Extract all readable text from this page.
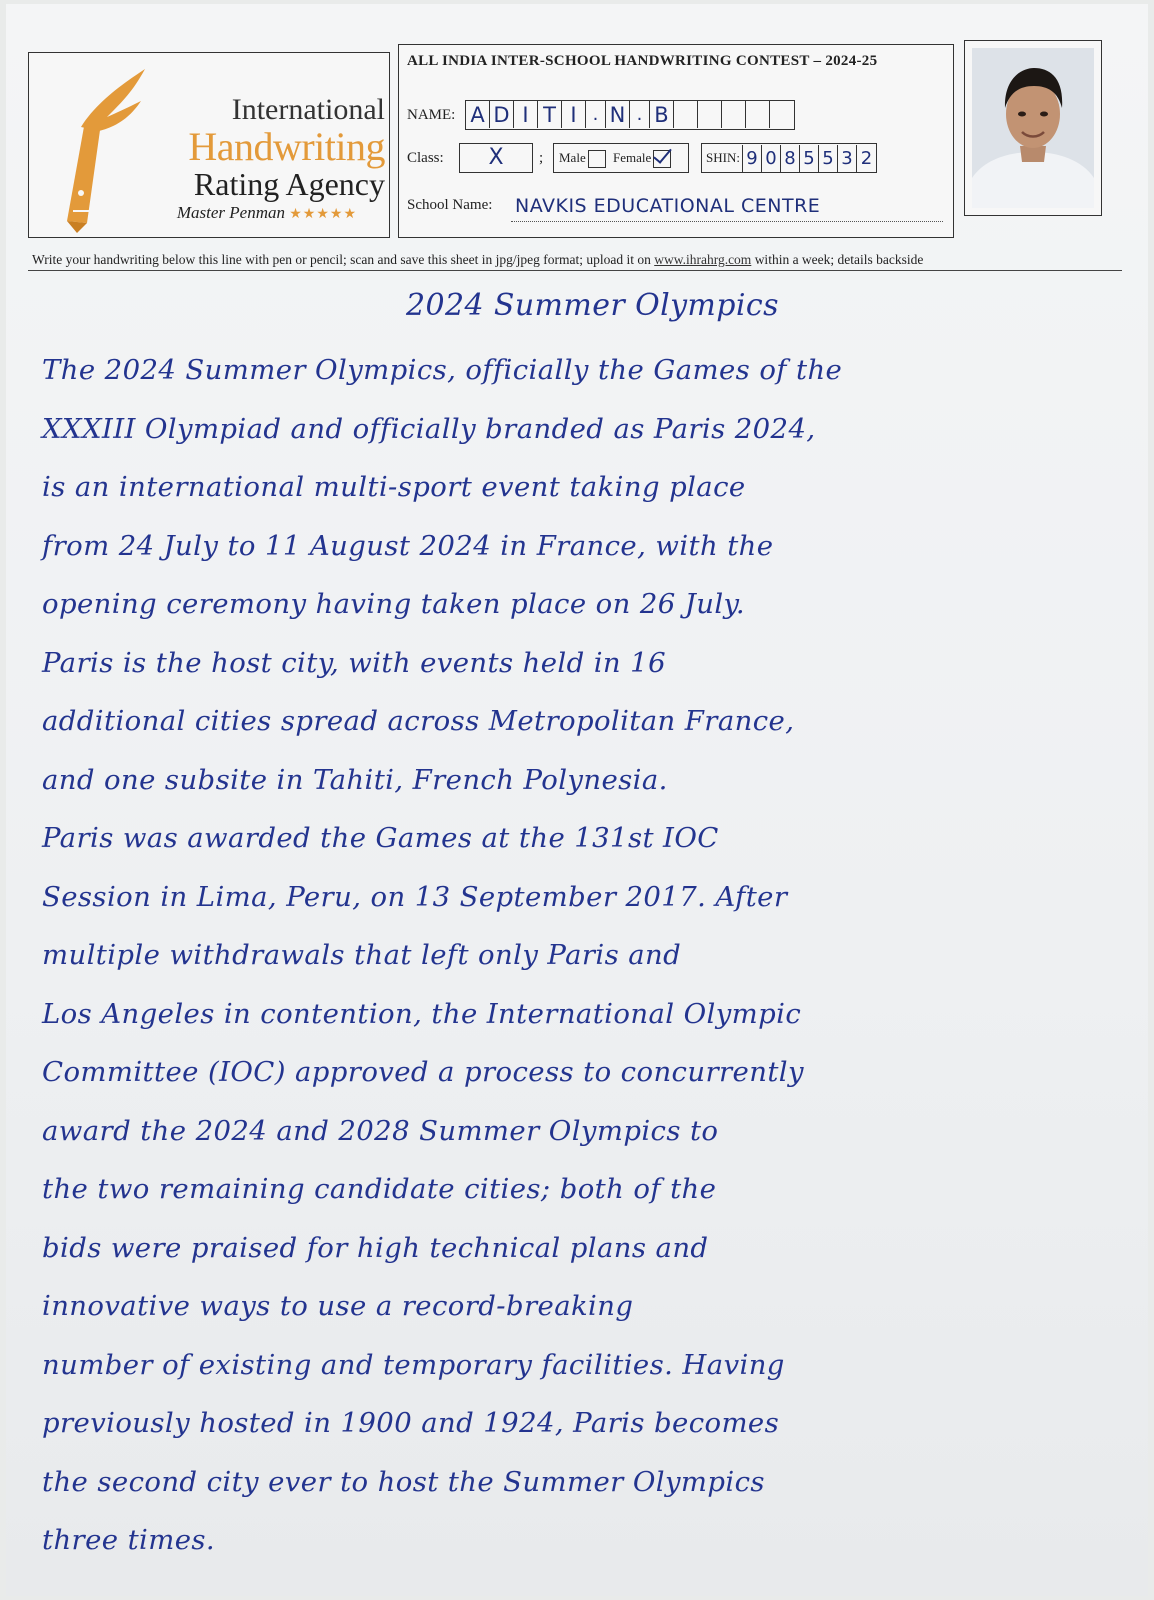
International
Handwriting
Rating Agency
Master Penman ★★★★★
ALL INDIA INTER-SCHOOL HANDWRITING CONTEST – 2024-25
NAME: A D I T I . N . B
Class:	X	;	Male Female	SHIN: 9 0 8 5 5 3 2
School Name: NAVKIS EDUCATIONAL CENTRE
Write your handwriting below this line with pen or pencil; scan and save this sheet in jpg/jpeg format; upload it on www.ihrahrg.com within a week; details backside
2024 Summer Olympics
The 2024 Summer Olympics, officially the Games of the
XXXIII Olympiad and officially branded as Paris 2024,
is an international multi-sport event taking place
from 24 July to 11 August 2024 in France, with the
opening ceremony having taken place on 26 July.
Paris is the host city, with events held in 16
additional cities spread across Metropolitan France,
and one subsite in Tahiti, French Polynesia.
Paris was awarded the Games at the 131st IOC
Session in Lima, Peru, on 13 September 2017. After
multiple withdrawals that left only Paris and
Los Angeles in contention, the International Olympic
Committee (IOC) approved a process to concurrently
award the 2024 and 2028 Summer Olympics to
the two remaining candidate cities; both of the
bids were praised for high technical plans and
innovative ways to use a record-breaking
number of existing and temporary facilities. Having
previously hosted in 1900 and 1924, Paris becomes
the second city ever to host the Summer Olympics
three times.
